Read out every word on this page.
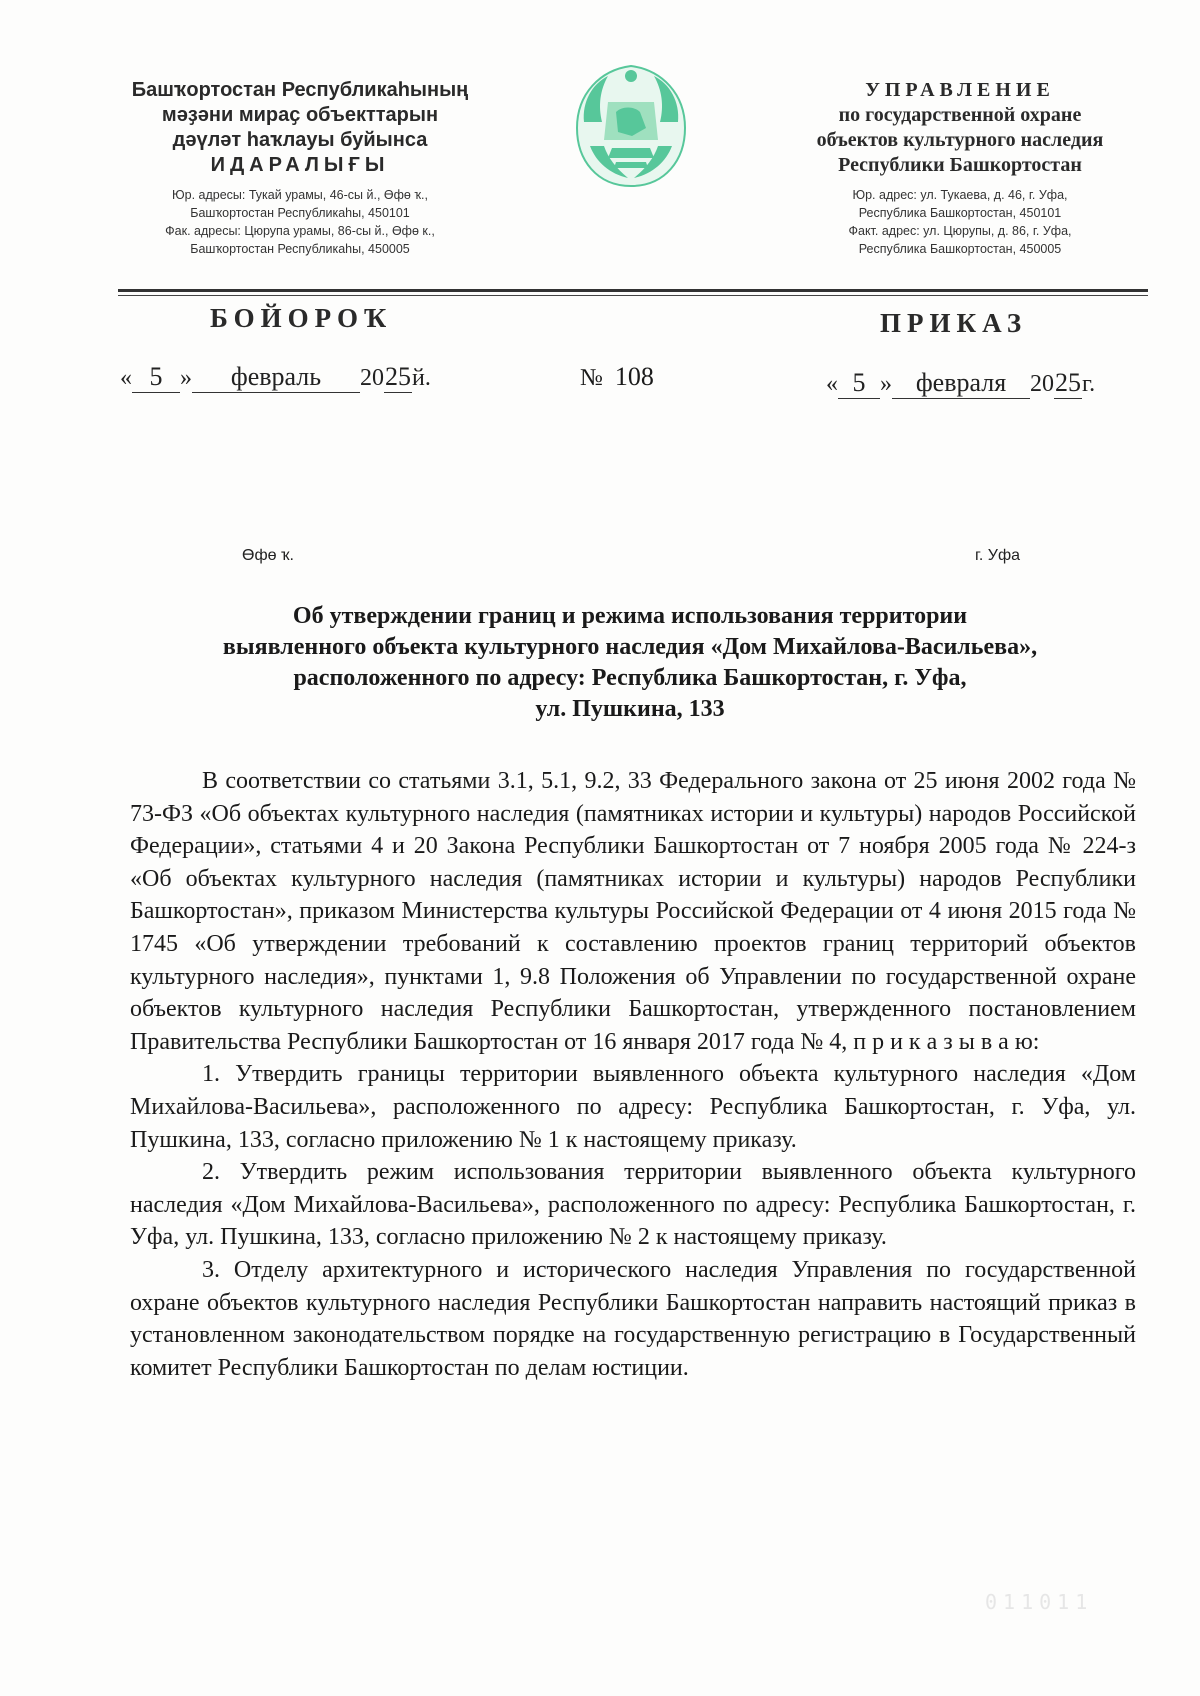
Башҡортостан Республикаһының
мәҙәни мираҫ объекттарын
дәүләт һаҡлауы буйынса
ИДАРАЛЫҒЫ
Юр. адресы: Тукай урамы, 46-сы й., Өфө ҡ.,
Башҡортостан Республикаһы, 450101
Фак. адресы: Цюрупа урамы, 86-сы й., Өфө к.,
Башҡортостан Республикаһы, 450005
УПРАВЛЕНИЕ
по государственной охране
объектов культурного наследия
Республики Башкортостан
Юр. адрес: ул. Тукаева, д. 46, г. Уфа,
Республика Башкортостан, 450101
Факт. адрес: ул. Цюрупы, д. 86, г. Уфа,
Республика Башкортостан, 450005
БОЙОРОҠ	ПРИКАЗ
« 5 » февраль 2025й.	№ 108	« 5 » февраля 2025г.
Өфө ҡ.	г. Уфа
Об утверждении границ и режима использования территории
выявленного объекта культурного наследия «Дом Михайлова-Васильева»,
расположенного по адресу: Республика Башкортостан, г. Уфа,
ул. Пушкина, 133

В соответствии со статьями 3.1, 5.1, 9.2, 33 Федерального закона от 25 июня 2002 года № 73-ФЗ «Об объектах культурного наследия (памятниках истории и культуры) народов Российской Федерации», статьями 4 и 20 Закона Республики Башкортостан от 7 ноября 2005 года № 224-з «Об объектах культурного наследия (памятниках истории и культуры) народов Республики Башкортостан», приказом Министерства культуры Российской Федерации от 4 июня 2015 года № 1745 «Об утверждении требований к составлению проектов границ территорий объектов культурного наследия», пунктами 1, 9.8 Положения об Управлении по государственной охране объектов культурного наследия Республики Башкортостан, утвержденного постановлением Правительства Республики Башкортостан от 16 января 2017 года № 4, п р и к а з ы в а ю:

1. Утвердить границы территории выявленного объекта культурного наследия «Дом Михайлова-Васильева», расположенного по адресу: Республика Башкортостан, г. Уфа, ул. Пушкина, 133, согласно приложению № 1 к настоящему приказу.

2. Утвердить режим использования территории выявленного объекта культурного наследия «Дом Михайлова-Васильева», расположенного по адресу: Республика Башкортостан, г. Уфа, ул. Пушкина, 133, согласно приложению № 2 к настоящему приказу.

3. Отделу архитектурного и исторического наследия Управления по государственной охране объектов культурного наследия Республики Башкортостан направить настоящий приказ в установленном законодательством порядке на государственную регистрацию в Государственный комитет Республики Башкортостан по делам юстиции.

011011
